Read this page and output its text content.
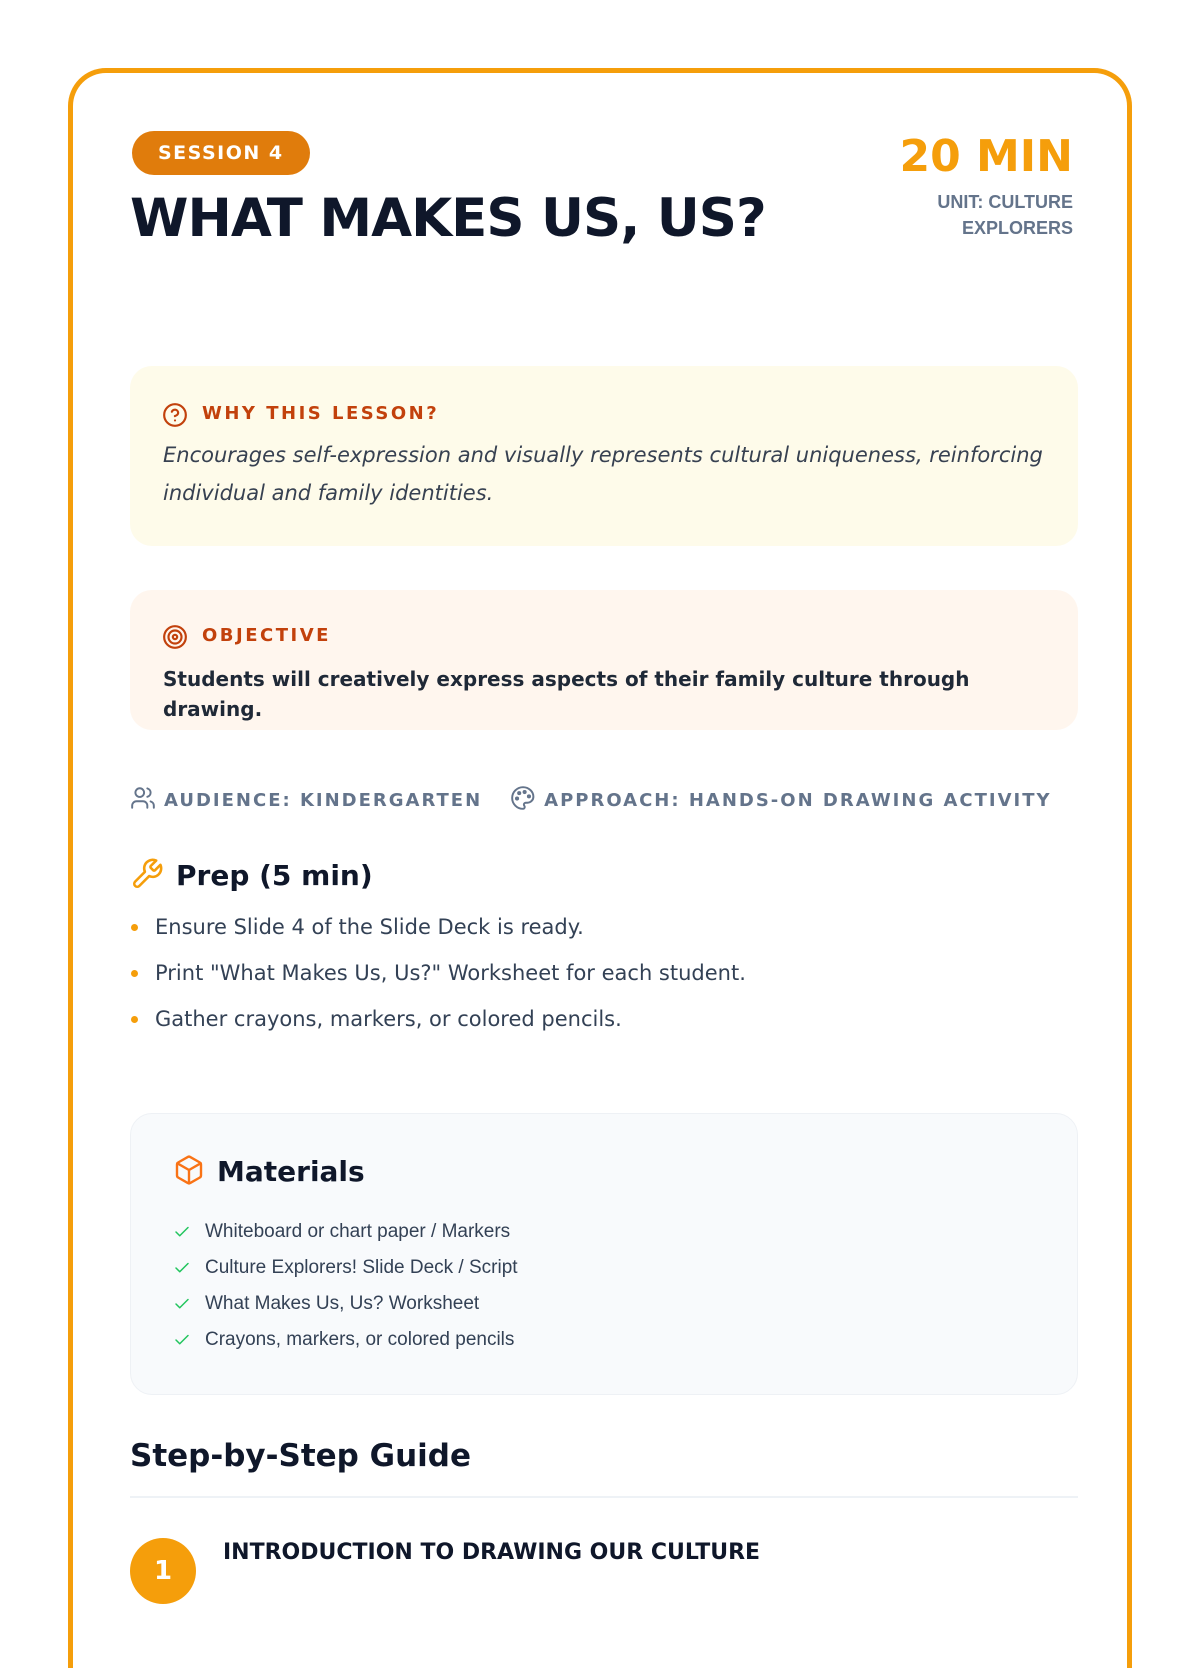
SESSION 4
WHAT MAKES US, US?
20 MIN
UNIT: CULTURE EXPLORERS
WHY THIS LESSON?
Encourages self-expression and visually represents cultural uniqueness, reinforcing individual and family identities.
OBJECTIVE
Students will creatively express aspects of their family culture through drawing.
AUDIENCE: KINDERGARTEN	APPROACH: HANDS-ON DRAWING ACTIVITY
Prep (5 min)
Ensure Slide 4 of the Slide Deck is ready.
Print "What Makes Us, Us?" Worksheet for each student.
Gather crayons, markers, or colored pencils.
Materials
Whiteboard or chart paper / Markers
Culture Explorers! Slide Deck / Script
What Makes Us, Us? Worksheet
Crayons, markers, or colored pencils
Step-by-Step Guide
1
INTRODUCTION TO DRAWING OUR CULTURE
